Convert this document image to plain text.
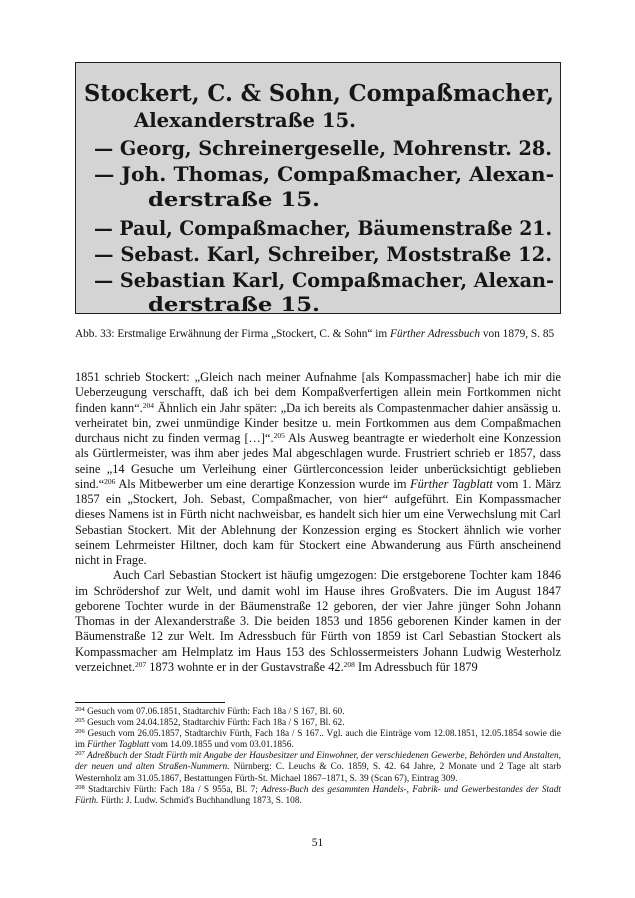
Stockert, C. & Sohn, Compaßmacher,
Alexanderstraße 15.
— Georg, Schreinergeselle, Mohrenstr. 28.
— Joh. Thomas, Compaßmacher, Alexan-
derstraße 15.
— Paul, Compaßmacher, Bäumenstraße 21.
— Sebast. Karl, Schreiber, Moststraße 12.
— Sebastian Karl, Compaßmacher, Alexan-
derstraße 15.
Abb. 33: Erstmalige Erwähnung der Firma „Stockert, C. & Sohn“ im Fürther Adressbuch von 1879, S. 85

1851 schrieb Stockert: „Gleich nach meiner Aufnahme [als Kompassmacher] habe ich mir die Ueberzeugung verschafft, daß ich bei dem Kompaßverfertigen allein mein Fortkommen nicht finden kann“.$^{204}$ Ähnlich ein Jahr später: „Da ich bereits als Compastenmacher dahier ansässig u. verheiratet bin, zwei unmündige Kinder besitze u. mein Fortkommen aus dem Compaßmachen durchaus nicht zu finden vermag […]“.$^{205}$ Als Ausweg beantragte er wiederholt eine Konzession als Gürtlermeister, was ihm aber jedes Mal abgeschlagen wurde. Frustriert schrieb er 1857, dass seine „14 Gesuche um Verleihung einer Gürtlerconcession leider unberücksichtigt geblieben sind.“$^{206}$ Als Mitbewerber um eine derartige Konzession wurde im Fürther Tagblatt vom 1. März 1857 ein „Stockert, Joh. Sebast, Compaßmacher, von hier“ aufgeführt. Ein Kompassmacher dieses Namens ist in Fürth nicht nachweisbar, es handelt sich hier um eine Verwechslung mit Carl Sebastian Stockert. Mit der Ablehnung der Konzession erging es Stockert ähnlich wie vorher seinem Lehrmeister Hiltner, doch kam für Stockert eine Abwanderung aus Fürth anscheinend nicht in Frage.

Auch Carl Sebastian Stockert ist häufig umgezogen: Die erstgeborene Tochter kam 1846 im Schrödershof zur Welt, und damit wohl im Hause ihres Großvaters. Die im August 1847 geborene Tochter wurde in der Bäumenstraße 12 geboren, der vier Jahre jünger Sohn Johann Thomas in der Alexanderstraße 3. Die beiden 1853 und 1856 geborenen Kinder kamen in der Bäumenstraße 12 zur Welt. Im Adressbuch für Fürth von 1859 ist Carl Sebastian Stockert als Kompassmacher am Helmplatz im Haus 153 des Schlossermeisters Johann Ludwig Westerholz verzeichnet.$^{207}$ 1873 wohnte er in der Gustavstraße 42.$^{208}$ Im Adressbuch für 1879

$^{204}$ Gesuch vom 07.06.1851, Stadtarchiv Fürth: Fach 18a / S 167, Bl. 60.

$^{205}$ Gesuch vom 24.04.1852, Stadtarchiv Fürth: Fach 18a / S 167, Bl. 62.

$^{206}$ Gesuch vom 26.05.1857, Stadtarchiv Fürth, Fach 18a / S 167.. Vgl. auch die Einträge vom 12.08.1851, 12.05.1854 sowie die im Fürther Tagblatt vom 14.09.1855 und vom 03.01.1856.

$^{207}$ Adreßbuch der Stadt Fürth mit Angabe der Hausbesitzer und Einwohner, der verschiedenen Gewerbe, Behörden und Anstalten, der neuen und alten Straßen-Nummern. Nürnberg: C. Leuchs & Co. 1859, S. 42. 64 Jahre, 2 Monate und 2 Tage alt starb Westernholz am 31.05.1867, Bestattungen Fürth-St. Michael 1867–1871, S. 39 (Scan 67), Eintrag 309.

$^{208}$ Stadtarchiv Fürth: Fach 18a / S 955a, Bl. 7; Adress-Buch des gesammten Handels-, Fabrik- und Gewerbestandes der Stadt Fürth. Fürth: J. Ludw. Schmid's Buchhandlung 1873, S. 108.

51
